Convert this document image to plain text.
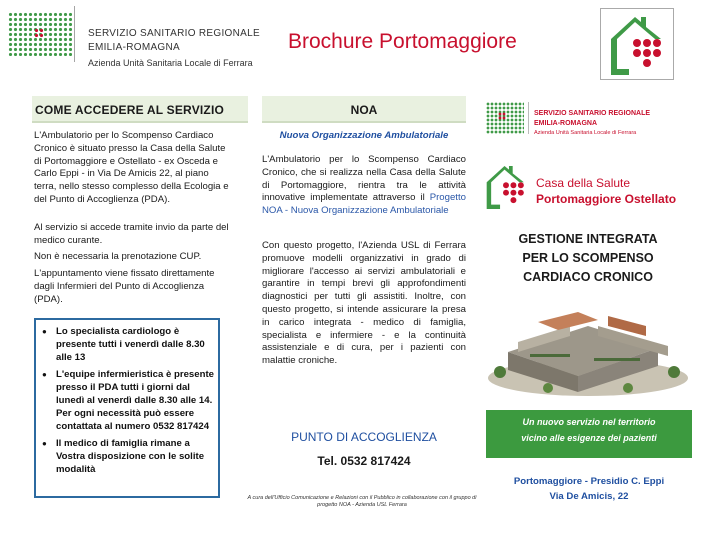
SERVIZIO SANITARIO REGIONALE
EMILIA-ROMAGNA
Azienda Unità Sanitaria Locale di Ferrara
Brochure Portomaggiore
COME ACCEDERE AL SERVIZIO
L'Ambulatorio per lo Scompenso Cardiaco Cronico è situato presso la Casa della Salute di Portomaggiore e Ostellato - ex Osceda e Carlo Eppi - in Via De Amicis 22, al piano terra, nello stesso complesso della Ecologia e del Punto di Accoglienza (PDA).
Al servizio si accede tramite invio da parte del medico curante.
Non è necessaria la prenotazione CUP.
L'appuntamento viene fissato direttamente dagli Infermieri del Punto di Accoglienza (PDA).
● Lo specialista cardiologo è presente tutti i venerdì dalle 8.30 alle 13
● L'equipe infermieristica è presente presso il PDA tutti i giorni dal lunedì al venerdì dalle 8.30 alle 14. Per ogni necessità può essere contattata al numero 0532 817424
● Il medico di famiglia rimane a Vostra disposizione con le solite modalità
NOA
Nuova Organizzazione Ambulatoriale
L'Ambulatorio per lo Scompenso Cardiaco Cronico, che si realizza nella Casa della Salute di Portomaggiore, rientra tra le attività innovative implementate attraverso il Progetto NOA - Nuova Organizzazione Ambulatoriale
Con questo progetto, l'Azienda USL di Ferrara promuove modelli organizzativi in grado di migliorare l'accesso ai servizi ambulatoriali e garantire in tempi brevi gli approfondimenti diagnostici per tutti gli assistiti. Inoltre, con questo progetto, si intende assicurare la presa in carico integrata - medico di famiglia, specialista e infermiere - e la continuità assistenziale e di cura, per i pazienti con malattie croniche.
PUNTO DI ACCOGLIENZA
Tel. 0532 817424
A cura dell'Ufficio Comunicazione e Relazioni con il Pubblico in collaborazione con il gruppo di progetto NOA - Azienda USL Ferrara
SERVIZIO SANITARIO REGIONALE
EMILIA-ROMAGNA
Azienda Unità Sanitaria Locale di Ferrara
Casa della Salute
Portomaggiore Ostellato
GESTIONE INTEGRATA
PER LO SCOMPENSO
CARDIACO CRONICO
Un nuovo servizio nel territorio
vicino alle esigenze dei pazienti
Portomaggiore - Presidio C. Eppi
Via De Amicis, 22
